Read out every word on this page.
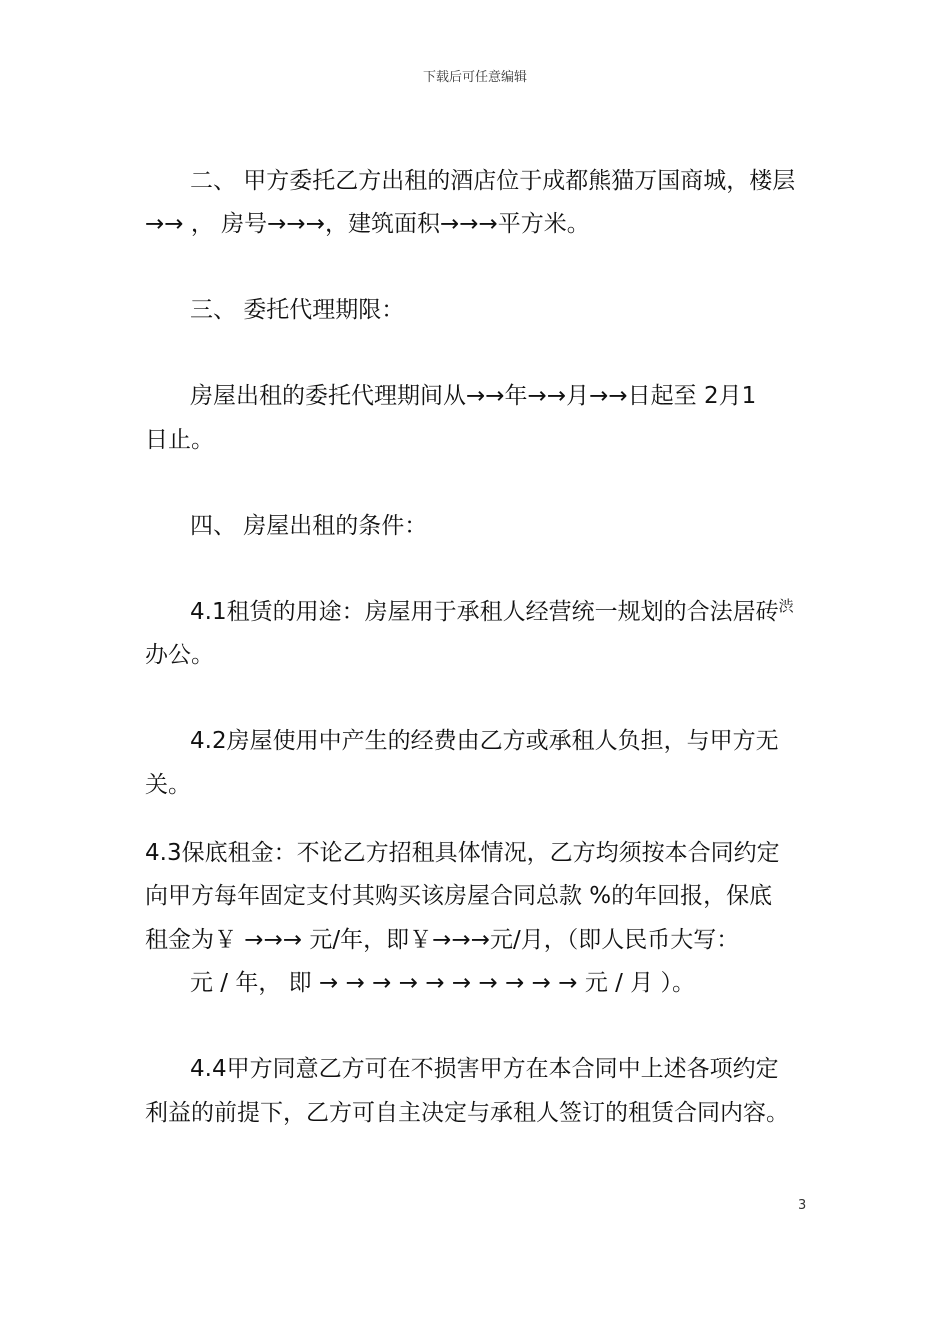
下载后可任意编辑
二、 甲方委托乙方出租的酒店位于成都熊猫万国商城，楼层
→→ ， 房号→→→，建筑面积→→→平方米。
三、 委托代理期限：
房屋出租的委托代理期间从→→年→→月→→日起至 2月1
日止。
四、 房屋出租的条件：
4.1租赁的用途：房屋用于承租人经营统一规划的合法居砖$^渋$
办公。
4.2房屋使用中产生的经费由乙方或承租人负担，与甲方无
关。
4.3保底租金：不论乙方招租具体情况，乙方均须按本合同约定
向甲方每年固定支付其购买该房屋合同总款 %的年回报，保底
租金为￥ →→→ 元/年，即￥→→→元/月，（即人民币大写：
元 / 年， 即 → → → → → → → → → → 元 / 月 ）。
4.4甲方同意乙方可在不损害甲方在本合同中上述各项约定
利益的前提下，乙方可自主决定与承租人签订的租赁合同内容。
3
